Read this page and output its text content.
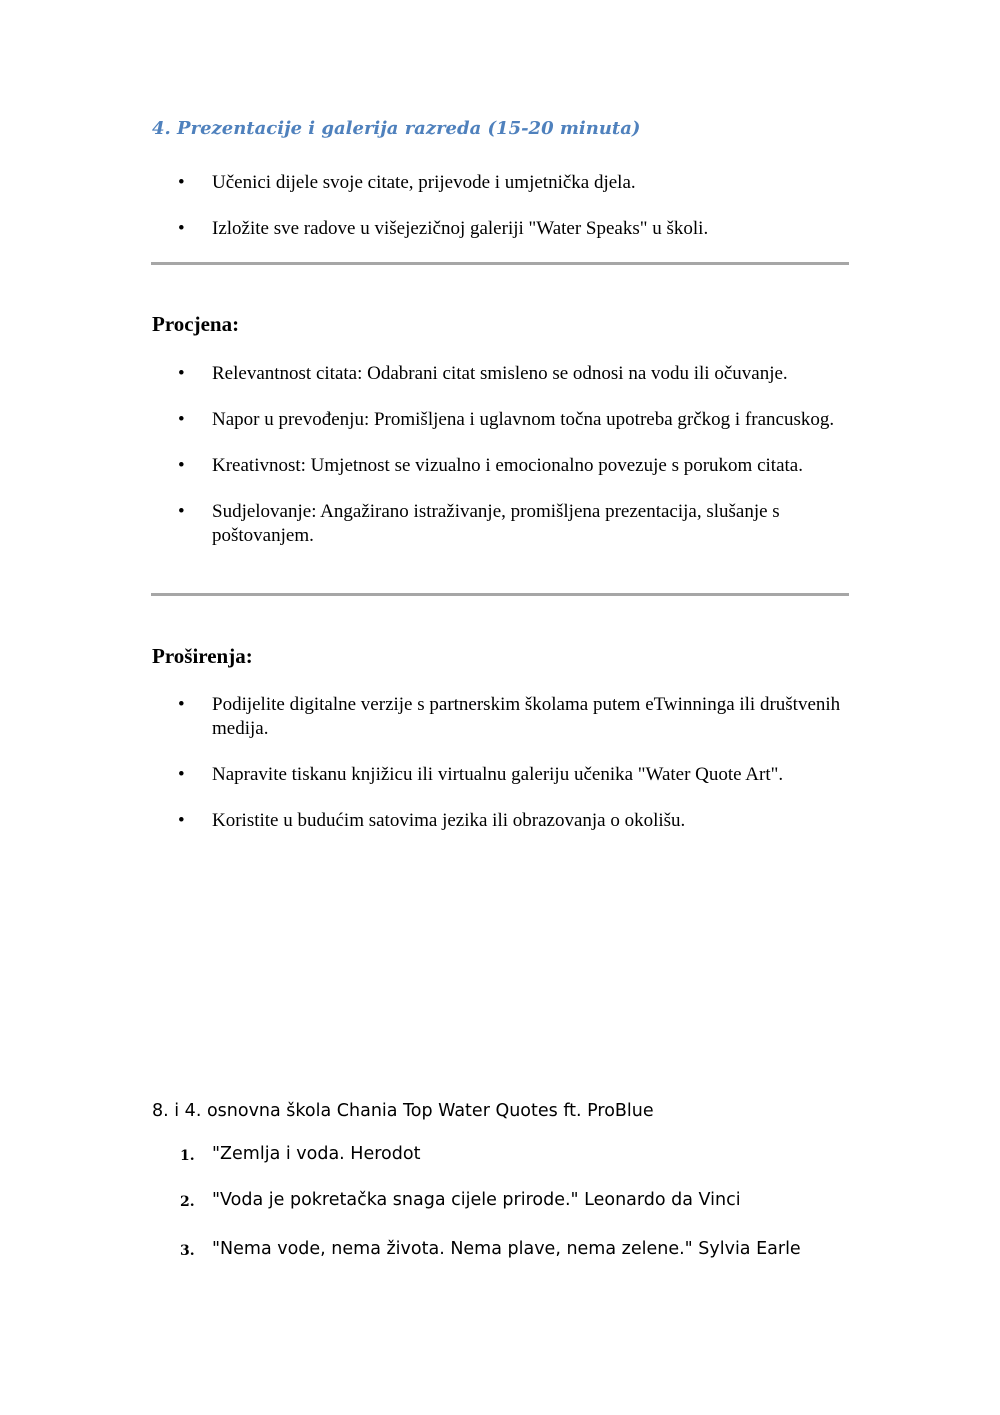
4. Prezentacije i galerija razreda (15-20 minuta)
• Učenici dijele svoje citate, prijevode i umjetnička djela.
• Izložite sve radove u višejezičnoj galeriji "Water Speaks" u školi.
Procjena:
• Relevantnost citata: Odabrani citat smisleno se odnosi na vodu ili očuvanje.
• Napor u prevođenju: Promišljena i uglavnom točna upotreba grčkog i francuskog.
• Kreativnost: Umjetnost se vizualno i emocionalno povezuje s porukom citata.
• Sudjelovanje: Angažirano istraživanje, promišljena prezentacija, slušanje s poštovanjem.
Proširenja:
• Podijelite digitalne verzije s partnerskim školama putem eTwinninga ili društvenih medija.
• Napravite tiskanu knjižicu ili virtualnu galeriju učenika "Water Quote Art".
• Koristite u budućim satovima jezika ili obrazovanja o okolišu.

8. i 4. osnovna škola Chania Top Water Quotes ft. ProBlue

1. "Zemlja i voda. Herodot
2. "Voda je pokretačka snaga cijele prirode." Leonardo da Vinci
3. "Nema vode, nema života. Nema plave, nema zelene." Sylvia Earle
